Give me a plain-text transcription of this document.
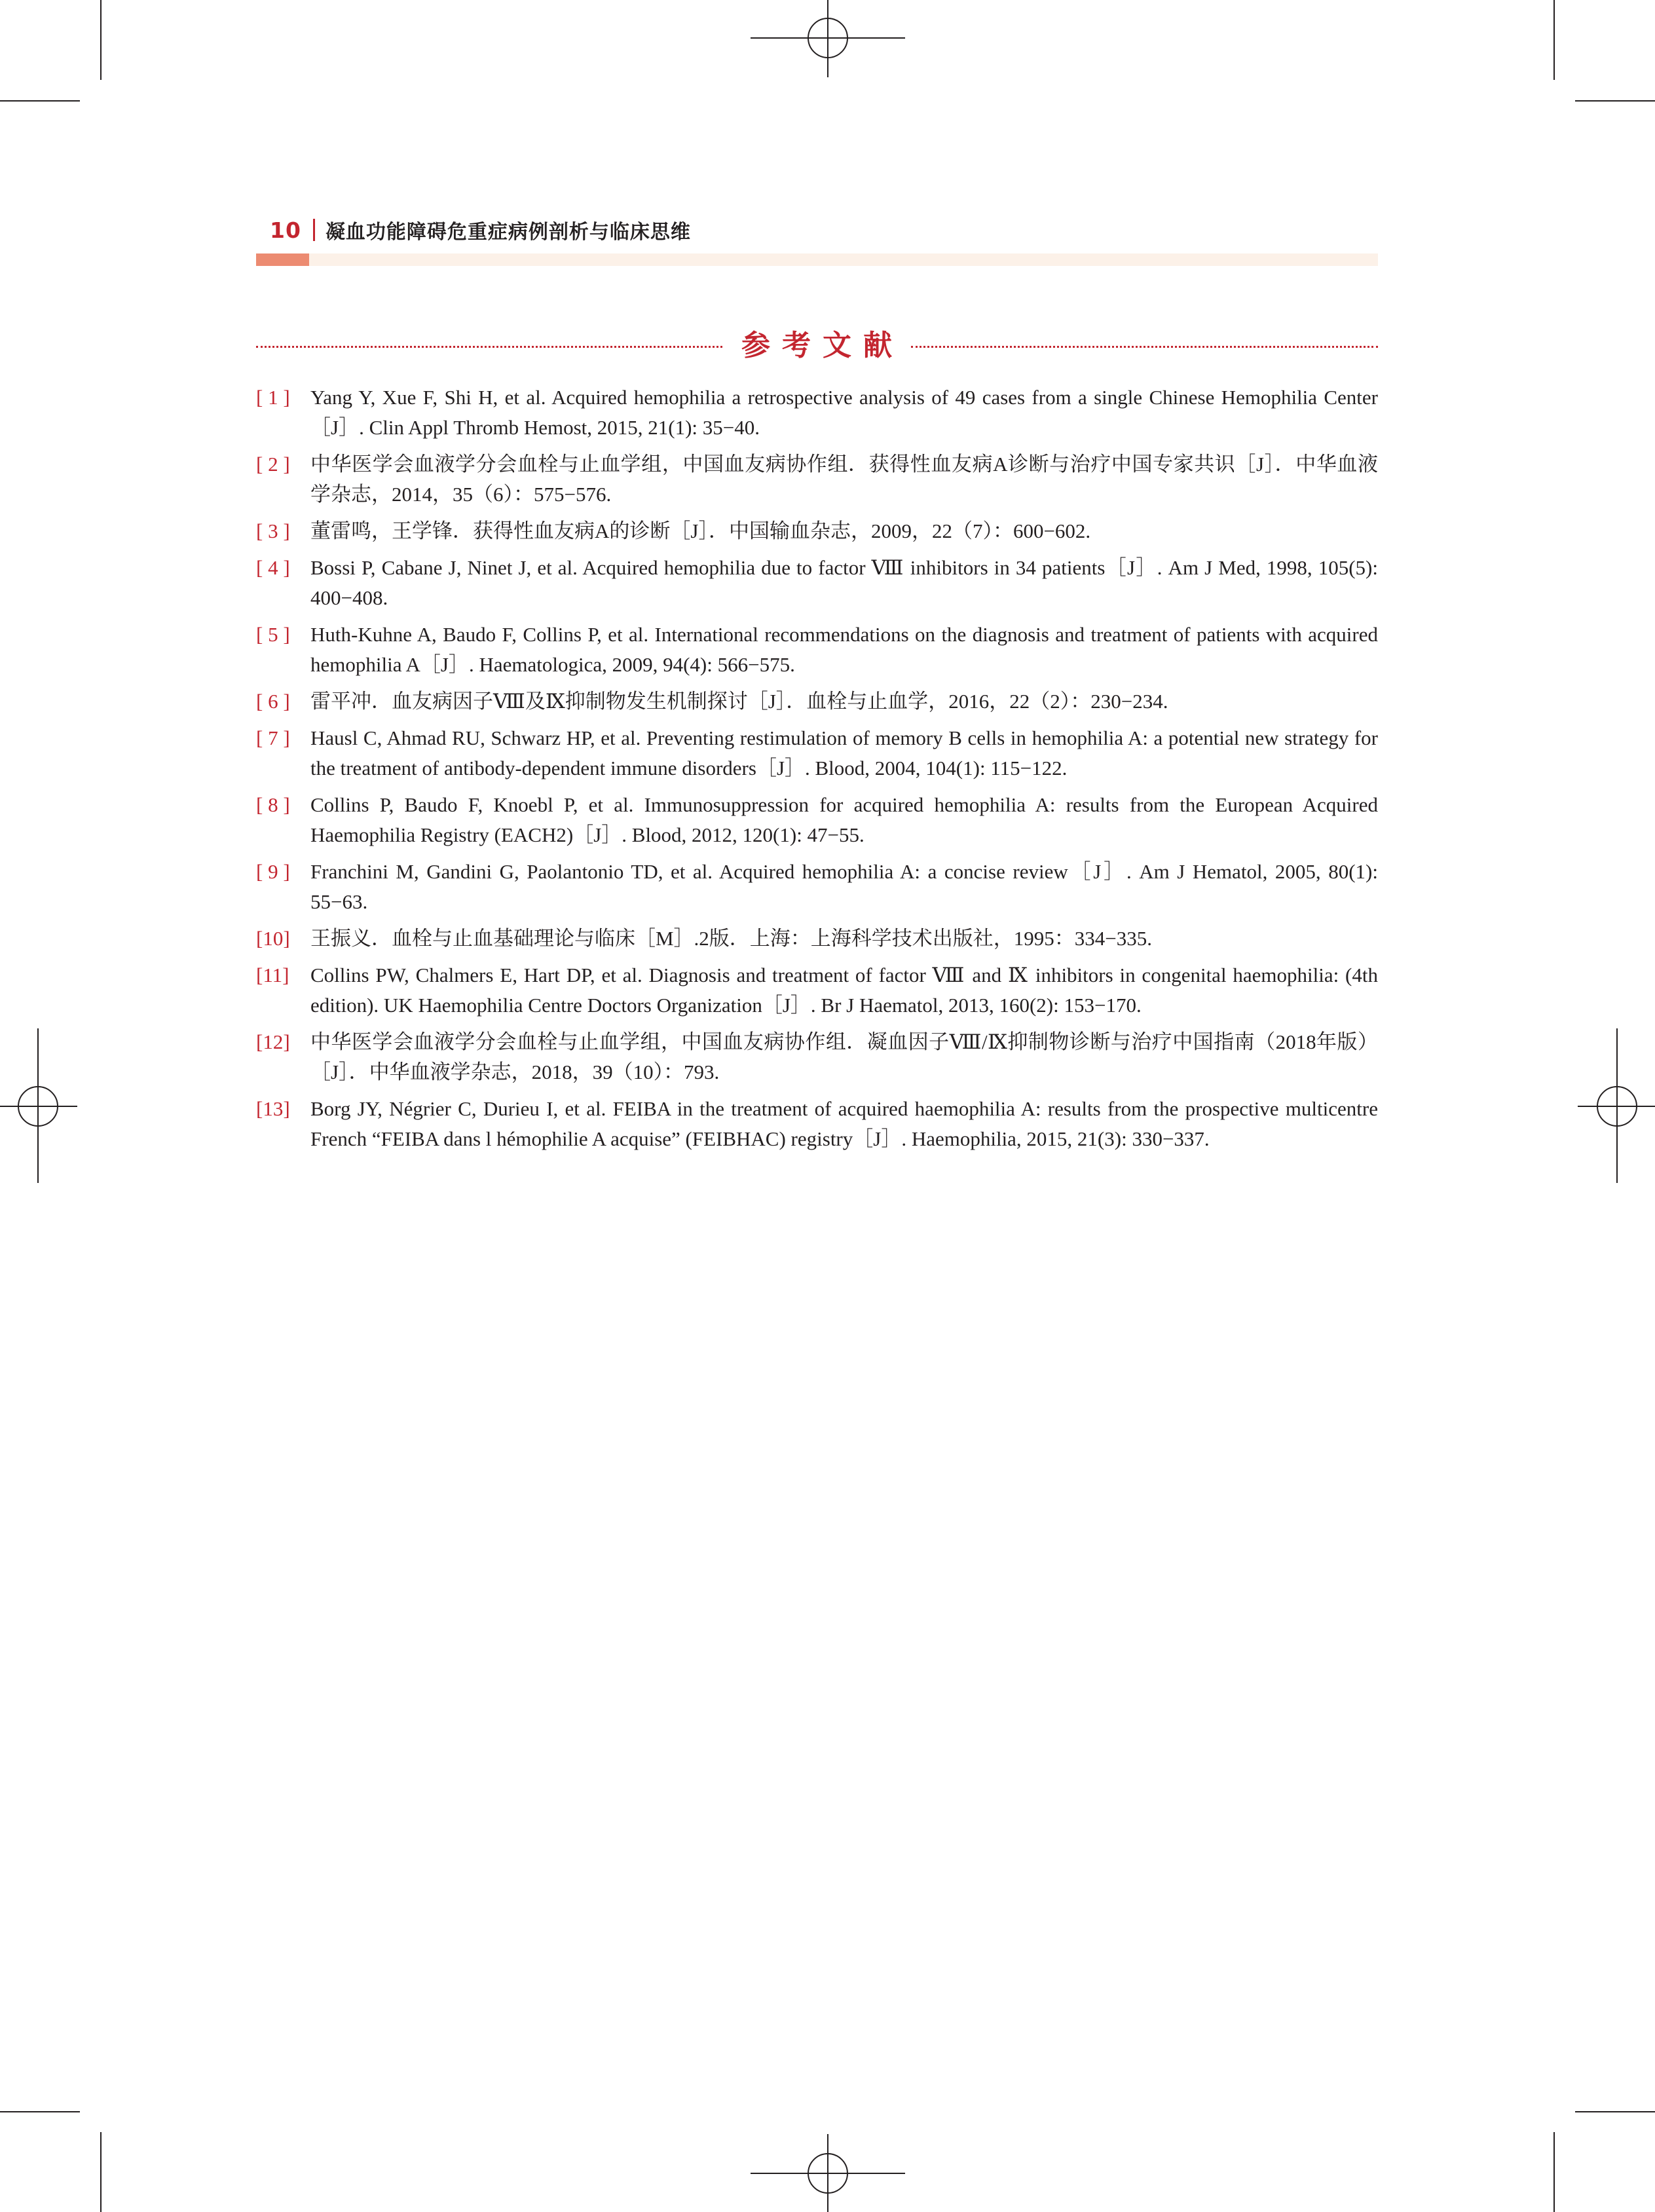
10 凝血功能障碍危重症病例剖析与临床思维
参考文献
[ 1 ]	Yang Y, Xue F, Shi H, et al. Acquired hemophilia a retrospective analysis of 49 cases from a single Chinese Hemophilia Center［J］. Clin Appl Thromb Hemost, 2015, 21(1): 35−40.
[ 2 ]	中华医学会血液学分会血栓与止血学组，中国血友病协作组．获得性血友病A诊断与治疗中国专家共识［J］．中华血液学杂志，2014，35（6）：575−576.
[ 3 ]	董雷鸣，王学锋．获得性血友病A的诊断［J］．中国输血杂志，2009，22（7）：600−602.
[ 4 ]	Bossi P, Cabane J, Ninet J, et al. Acquired hemophilia due to factor Ⅷ inhibitors in 34 patients［J］. Am J Med, 1998, 105(5): 400−408.
[ 5 ]	Huth-Kuhne A, Baudo F, Collins P, et al. International recommendations on the diagnosis and treatment of patients with acquired hemophilia A［J］. Haematologica, 2009, 94(4): 566−575.
[ 6 ]	雷平冲．血友病因子Ⅷ及Ⅸ抑制物发生机制探讨［J］．血栓与止血学，2016，22（2）：230−234.
[ 7 ]	Hausl C, Ahmad RU, Schwarz HP, et al. Preventing restimulation of memory B cells in hemophilia A: a potential new strategy for the treatment of antibody-dependent immune disorders［J］. Blood, 2004, 104(1): 115−122.
[ 8 ]	Collins P, Baudo F, Knoebl P, et al. Immunosuppression for acquired hemophilia A: results from the European Acquired Haemophilia Registry (EACH2)［J］. Blood, 2012, 120(1): 47−55.
[ 9 ]	Franchini M, Gandini G, Paolantonio TD, et al. Acquired hemophilia A: a concise review［J］. Am J Hematol, 2005, 80(1): 55−63.
[10]	王振义．血栓与止血基础理论与临床［M］.2版．上海：上海科学技术出版社，1995：334−335.
[11]	Collins PW, Chalmers E, Hart DP, et al. Diagnosis and treatment of factor Ⅷ and Ⅸ inhibitors in congenital haemophilia: (4th edition). UK Haemophilia Centre Doctors Organization［J］. Br J Haematol, 2013, 160(2): 153−170.
[12]	中华医学会血液学分会血栓与止血学组，中国血友病协作组．凝血因子Ⅷ/Ⅸ抑制物诊断与治疗中国指南（2018年版）［J］．中华血液学杂志，2018，39（10）：793.
[13]	Borg JY, Négrier C, Durieu I, et al. FEIBA in the treatment of acquired haemophilia A: results from the prospective multicentre French “FEIBA dans l hémophilie A acquise” (FEIBHAC) registry［J］. Haemophilia, 2015, 21(3): 330−337.
